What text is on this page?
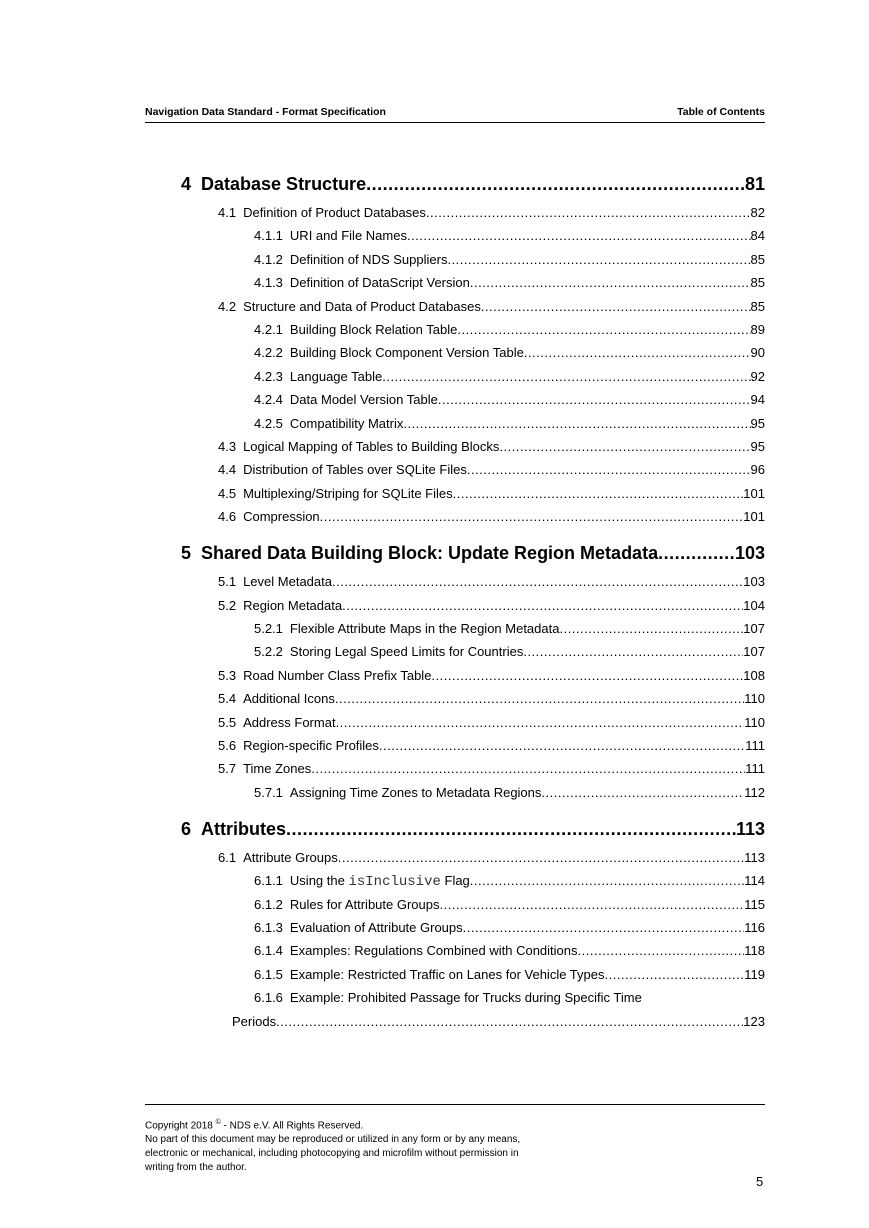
Navigation Data Standard - Format Specification	Table of Contents
4 Database Structure .....	81
4.1 Definition of Product Databases .....	82
4.1.1 URI and File Names .....	84
4.1.2 Definition of NDS Suppliers .....	85
4.1.3 Definition of DataScript Version .....	85
4.2 Structure and Data of Product Databases .....	85
4.2.1 Building Block Relation Table .....	89
4.2.2 Building Block Component Version Table .....	90
4.2.3 Language Table .....	92
4.2.4 Data Model Version Table .....	94
4.2.5 Compatibility Matrix .....	95
4.3 Logical Mapping of Tables to Building Blocks .....	95
4.4 Distribution of Tables over SQLite Files .....	96
4.5 Multiplexing/Striping for SQLite Files .....	101
4.6 Compression .....	101
5 Shared Data Building Block: Update Region Metadata .....	103
5.1 Level Metadata .....	103
5.2 Region Metadata .....	104
5.2.1 Flexible Attribute Maps in the Region Metadata .....	107
5.2.2 Storing Legal Speed Limits for Countries .....	107
5.3 Road Number Class Prefix Table .....	108
5.4 Additional Icons .....	110
5.5 Address Format .....	110
5.6 Region-specific Profiles .....	111
5.7 Time Zones .....	111
5.7.1 Assigning Time Zones to Metadata Regions .....	112
6 Attributes .....	113
6.1 Attribute Groups .....	113
6.1.1 Using the isInclusive Flag .....	114
6.1.2 Rules for Attribute Groups .....	115
6.1.3 Evaluation of Attribute Groups .....	116
6.1.4 Examples: Regulations Combined with Conditions .....	118
6.1.5 Example: Restricted Traffic on Lanes for Vehicle Types .....	119
6.1.6 Example: Prohibited Passage for Trucks during Specific Time
Periods .....	123
Copyright 2018 © - NDS e.V. All Rights Reserved.
No part of this document may be reproduced or utilized in any form or by any means,
electronic or mechanical, including photocopying and microfilm without permission in
writing from the author.
5
